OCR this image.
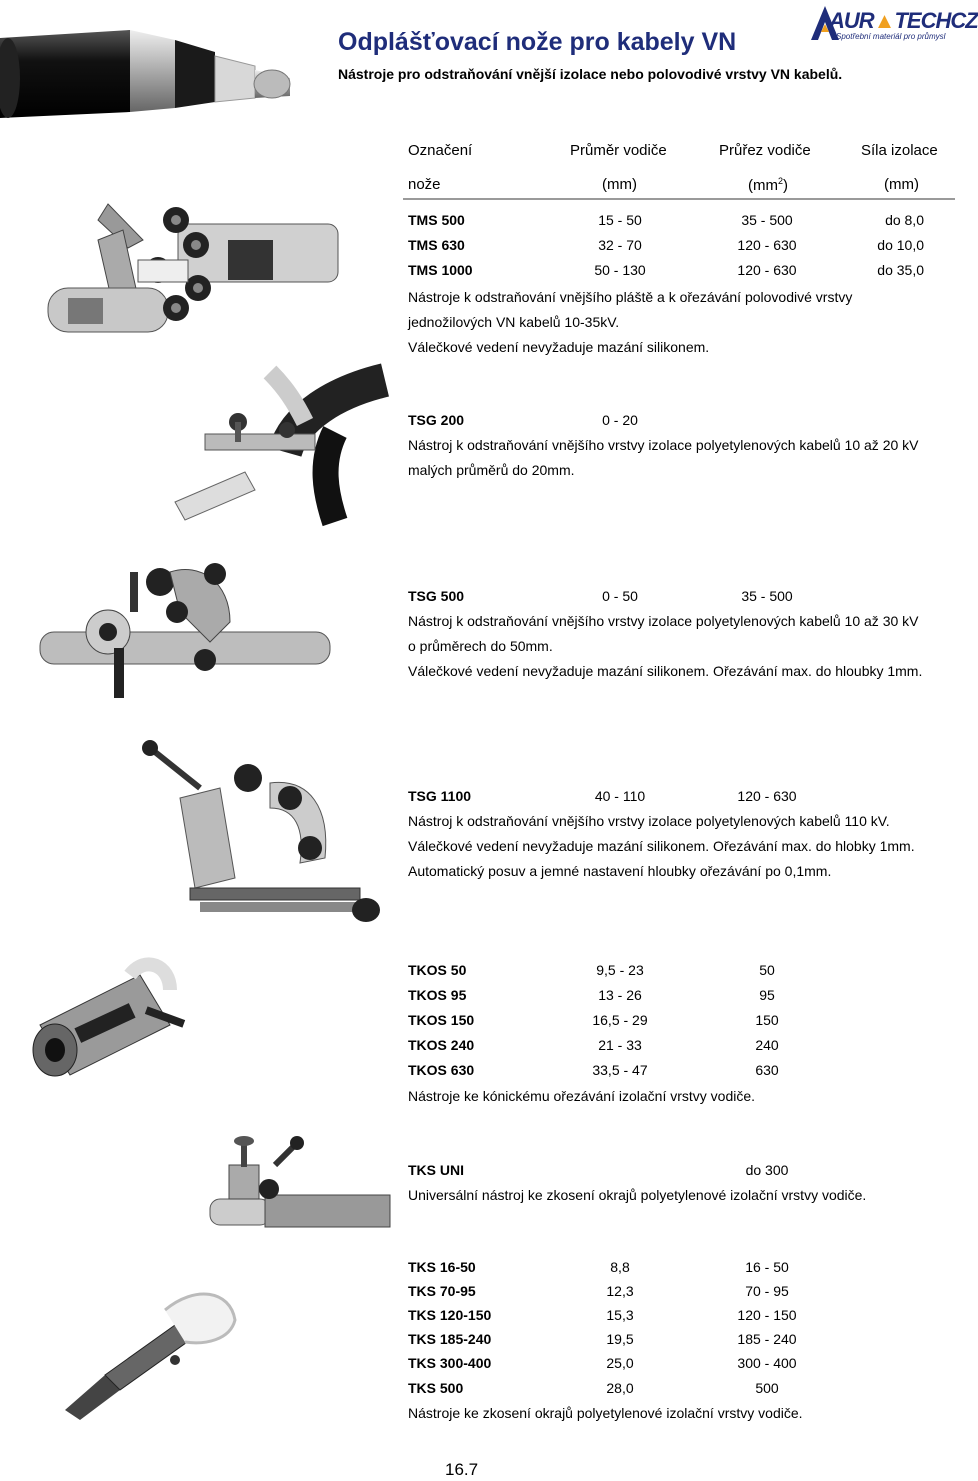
Odplášťovací nože pro kabely VN
Nástroje pro odstraňování vnější izolace nebo polovodivé vrstvy VN kabelů.
AUR▲TECHCZ
Spotřební materiál pro průmysl
Označení	Průměr vodiče	Průřez vodiče	Síla izolace
nože	(mm)	$(mm^2)$	(mm)
TMS 500	15 - 50	35 - 500	do 8,0
TMS 630	32 - 70	120 - 630	do 10,0
TMS 1000	50 - 130	120 - 630	do 35,0
Nástroje k odstraňování vnějšího pláště a k ořezávání polovodivé vrstvy
jednožilových VN kabelů 10-35kV.
Válečkové vedení nevyžaduje mazání silikonem.
TSG 200	0 - 20
Nástroj k odstraňování vnějšího vrstvy izolace polyetylenových kabelů 10 až 20 kV
malých průměrů do 20mm.
TSG 500	0 - 50	35 - 500
Nástroj k odstraňování vnějšího vrstvy izolace polyetylenových kabelů 10 až 30 kV
o průměrech do 50mm.
Válečkové vedení nevyžaduje mazání silikonem. Ořezávání max. do hloubky 1mm.
TSG 1100	40 - 110	120 - 630
Nástroj k odstraňování vnějšího vrstvy izolace polyetylenových kabelů 110 kV.
Válečkové vedení nevyžaduje mazání silikonem. Ořezávání max. do hlobky 1mm.
Automatický posuv a jemné nastavení hloubky ořezávání po 0,1mm.
TKOS 50	9,5 - 23	50
TKOS 95	13 - 26	95
TKOS 150	16,5 - 29	150
TKOS 240	21 - 33	240
TKOS 630	33,5 - 47	630
Nástroje ke kónickému ořezávání izolační vrstvy vodiče.
TKS UNI	do 300
Universální nástroj ke zkosení okrajů polyetylenové izolační vrstvy vodiče.
TKS 16-50	8,8	16 - 50
TKS 70-95	12,3	70 - 95
TKS 120-150	15,3	120 - 150
TKS 185-240	19,5	185 - 240
TKS 300-400	25,0	300 - 400
TKS 500	28,0	500
Nástroje ke zkosení okrajů polyetylenové izolační vrstvy vodiče.
16.7
